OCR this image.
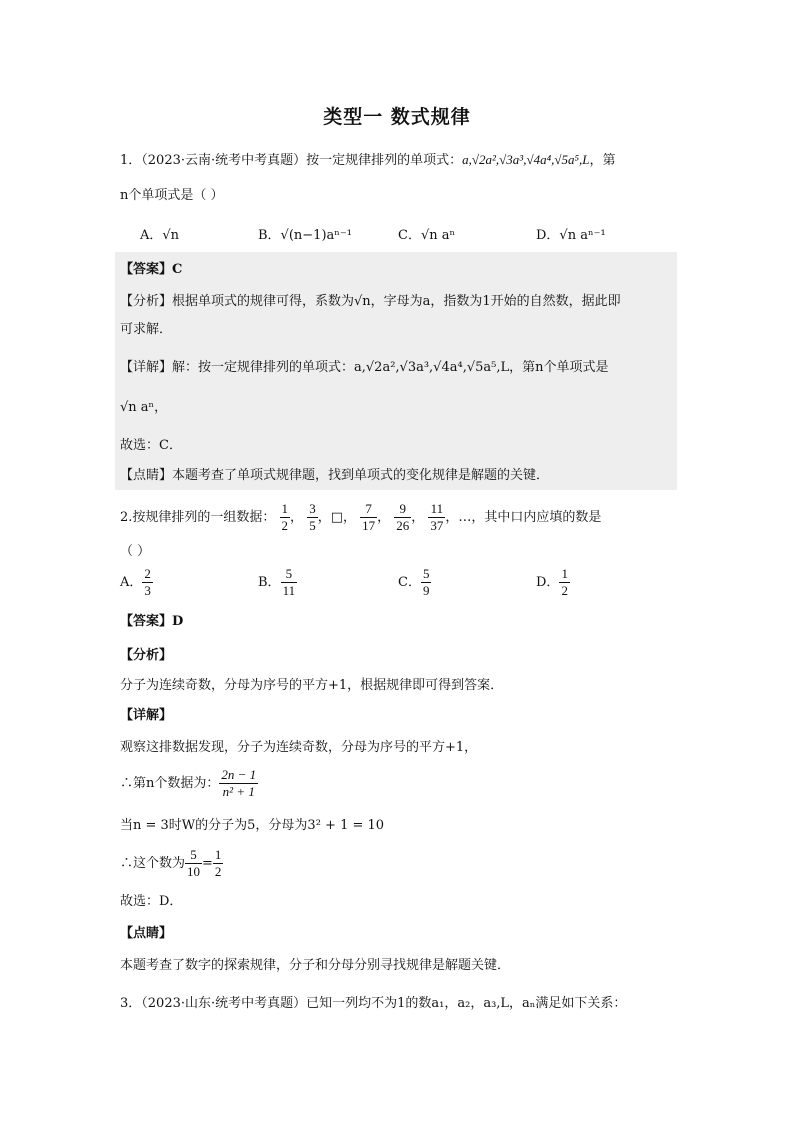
类型一 数式规律
1．（2023·云南·统考中考真题）按一定规律排列的单项式：a,√2a²,√3a³,√4a⁴,√5a⁵,L，第
n个单项式是（ ）
A．√n	B．√(n−1)aⁿ⁻¹	C．√n aⁿ	D．√n aⁿ⁻¹
【答案】C
【分析】根据单项式的规律可得，系数为√n，字母为a，指数为1开始的自然数，据此即
可求解．
【详解】解：按一定规律排列的单项式：a,√2a²,√3a³,√4a⁴,√5a⁵,L，第n个单项式是
√n aⁿ，
故选：C．
【点睛】本题考查了单项式规律题，找到单项式的变化规律是解题的关键．
2.按规律排列的一组数据： $\frac{1}{2}$ ， $\frac{3}{5}$ ，□， $\frac{7}{17}$ ， $\frac{9}{26}$ ， $\frac{11}{37}$ ，…，其中口内应填的数是
（ ）
A． $\frac{2}{3}$	B． $\frac{5}{11}$	C． $\frac{5}{9}$	D． $\frac{1}{2}$
【答案】D
【分析】
分子为连续奇数，分母为序号的平方+1，根据规律即可得到答案．
【详解】
观察这排数据发现，分子为连续奇数，分母为序号的平方+1，
∴第n个数据为： $\frac{2n - 1}{\text{n² + 1}}$
当n = 3时W的分子为5，分母为3² + 1 = 10
∴这个数为 $\frac{5}{10} = \frac{1}{2}$
故选：D．
【点睛】
本题考查了数字的探索规律，分子和分母分别寻找规律是解题关键．
3．（2023·山东·统考中考真题）已知一列均不为1的数a₁，a₂，a₃,L，aₙ满足如下关系：
